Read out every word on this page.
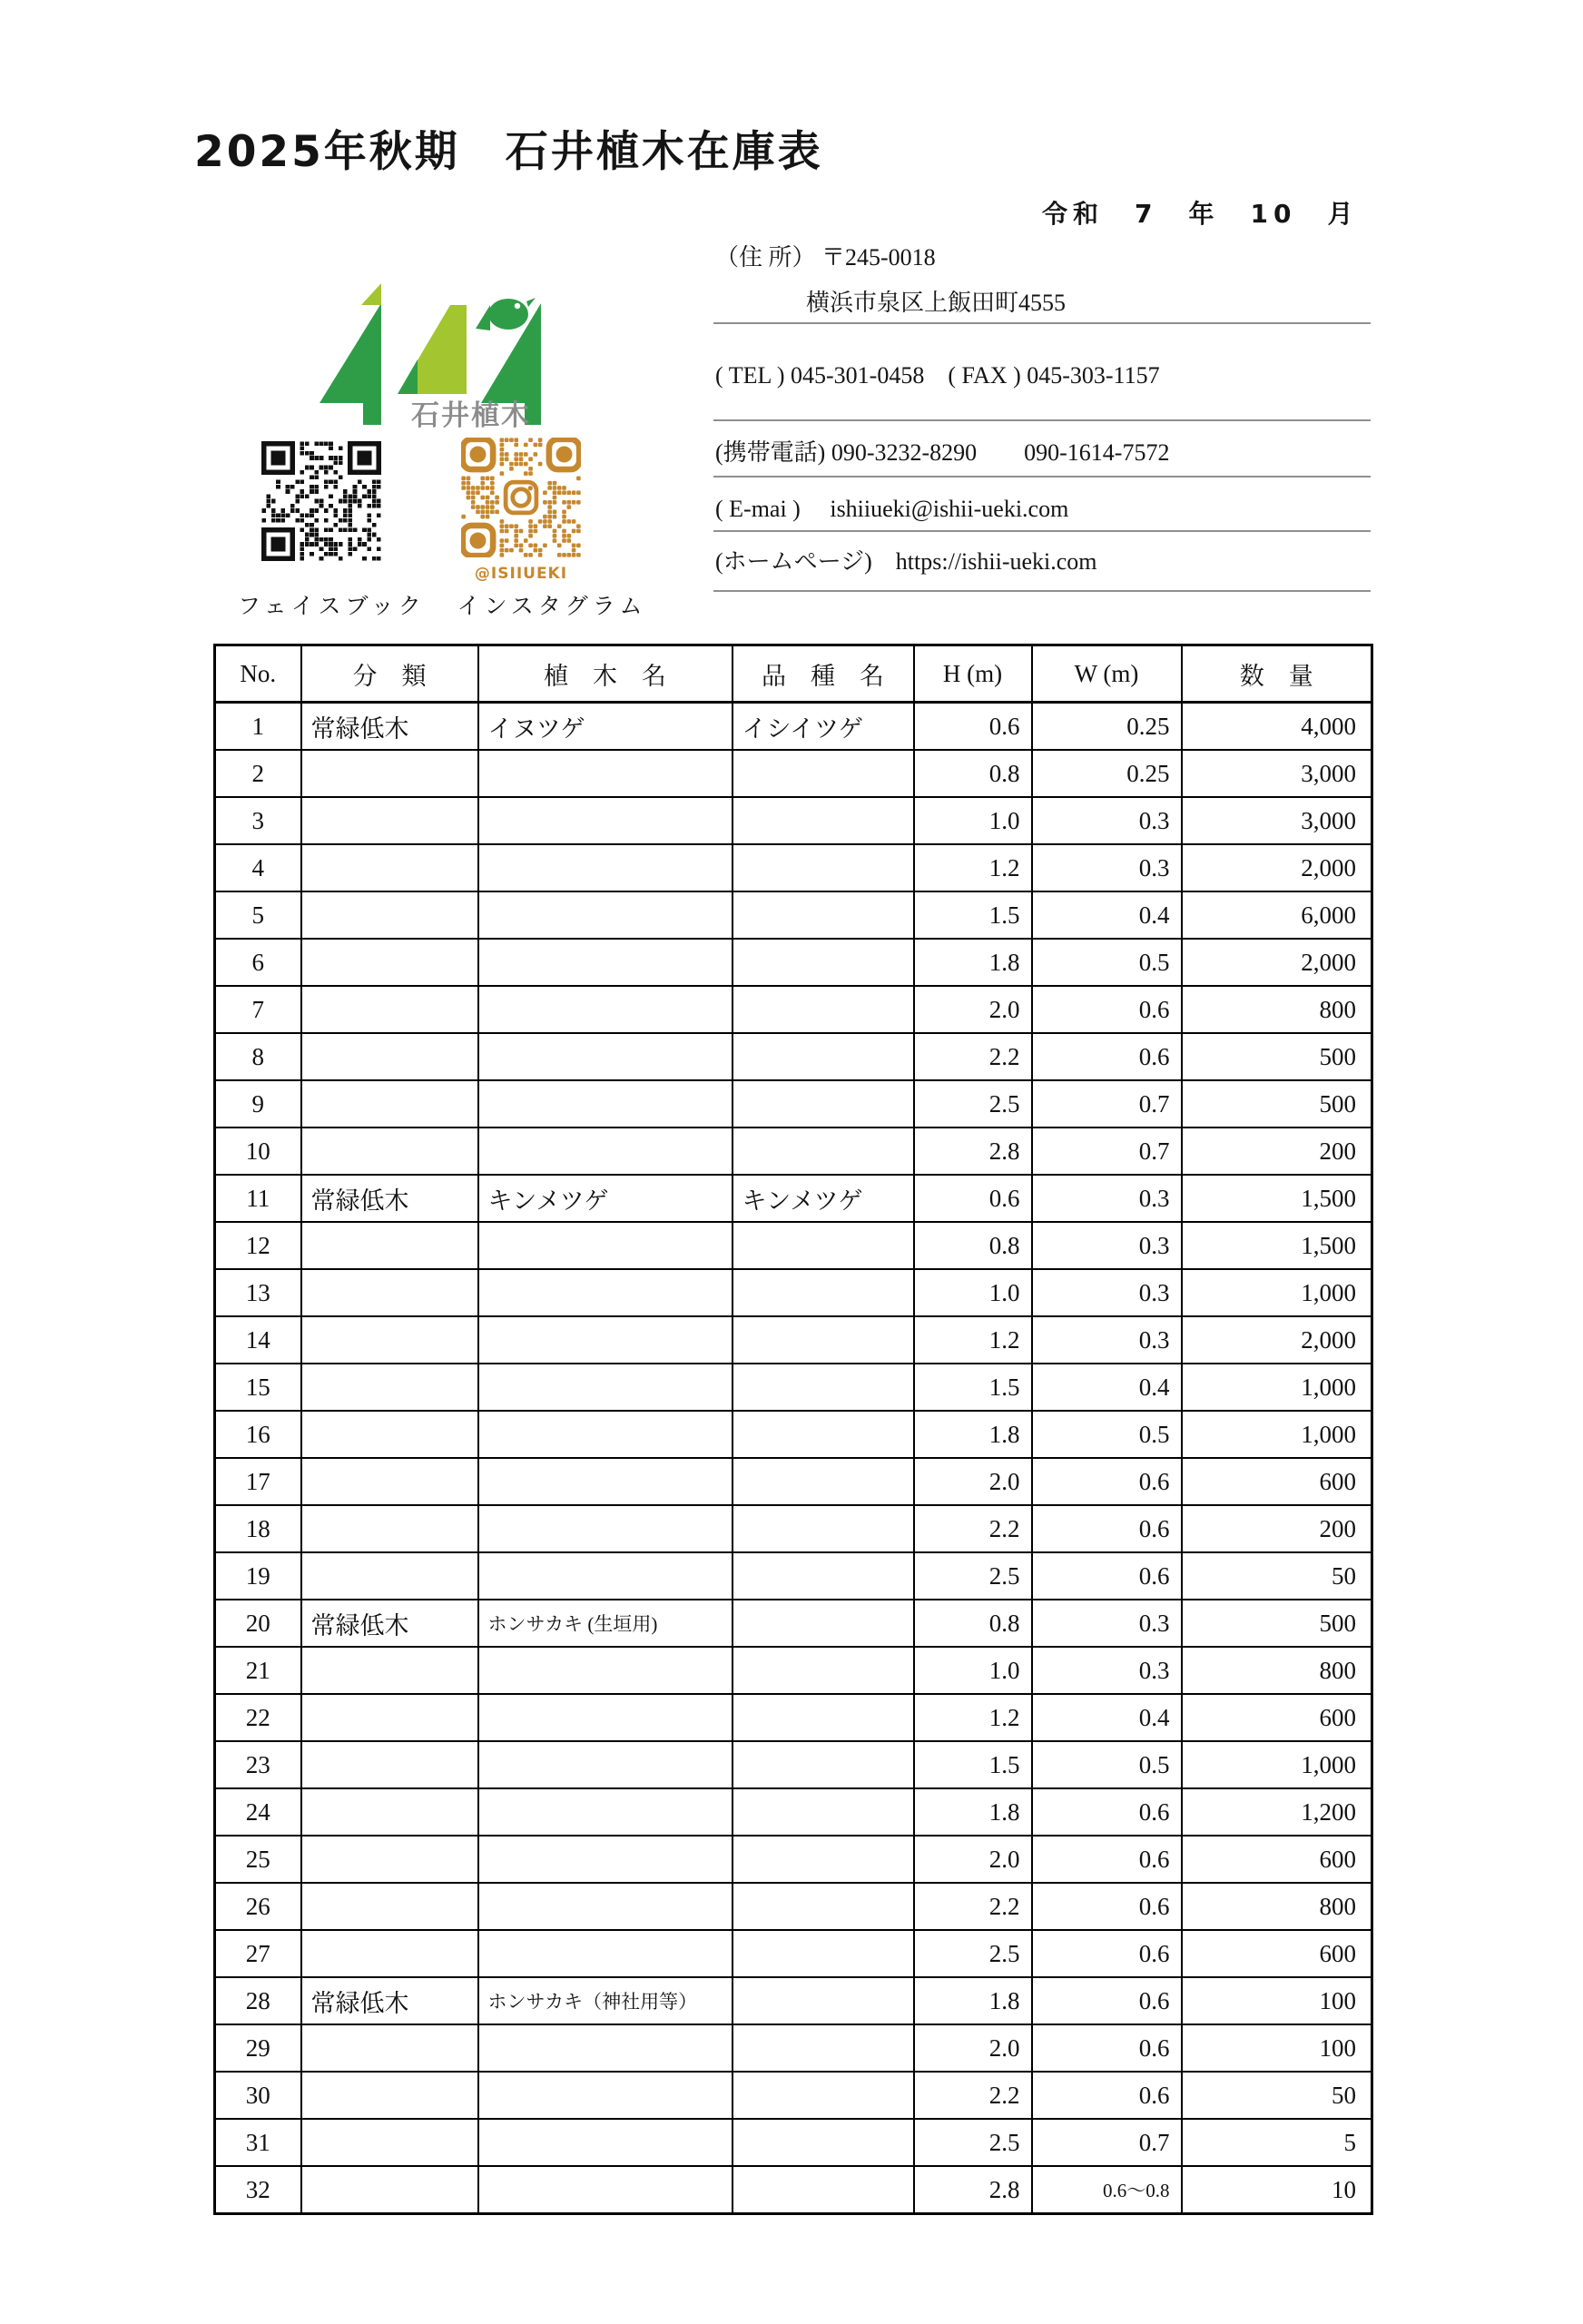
2025年秋期　石井植木在庫表
令和　7　年　10　月
石井植木
@ISIIUEKI
フェイスブック インスタグラム
（住 所） 〒245-0018
横浜市泉区上飯田町4555
( TEL ) 045-301-0458　( FAX ) 045-303-1157
(携帯電話) 090-3232-8290　　090-1614-7572
( E-mai )　 ishiiueki@ishii-ueki.com
(ホームページ)　https://ishii-ueki.com
No.	分　類	植　木　名	品　種　名	H (m)	W (m)	数　量
1	常緑低木	イヌツゲ	イシイツゲ	0.6	0.25	4,000
2				0.8	0.25	3,000
3				1.0	0.3	3,000
4				1.2	0.3	2,000
5				1.5	0.4	6,000
6				1.8	0.5	2,000
7				2.0	0.6	800
8				2.2	0.6	500
9				2.5	0.7	500
10				2.8	0.7	200
11	常緑低木	キンメツゲ	キンメツゲ	0.6	0.3	1,500
12				0.8	0.3	1,500
13				1.0	0.3	1,000
14				1.2	0.3	2,000
15				1.5	0.4	1,000
16				1.8	0.5	1,000
17				2.0	0.6	600
18				2.2	0.6	200
19				2.5	0.6	50
20	常緑低木	ホンサカキ (生垣用)		0.8	0.3	500
21				1.0	0.3	800
22				1.2	0.4	600
23				1.5	0.5	1,000
24				1.8	0.6	1,200
25				2.0	0.6	600
26				2.2	0.6	800
27				2.5	0.6	600
28	常緑低木	ホンサカキ（神社用等）		1.8	0.6	100
29				2.0	0.6	100
30				2.2	0.6	50
31				2.5	0.7	5
32				2.8	0.6～0.8	10
